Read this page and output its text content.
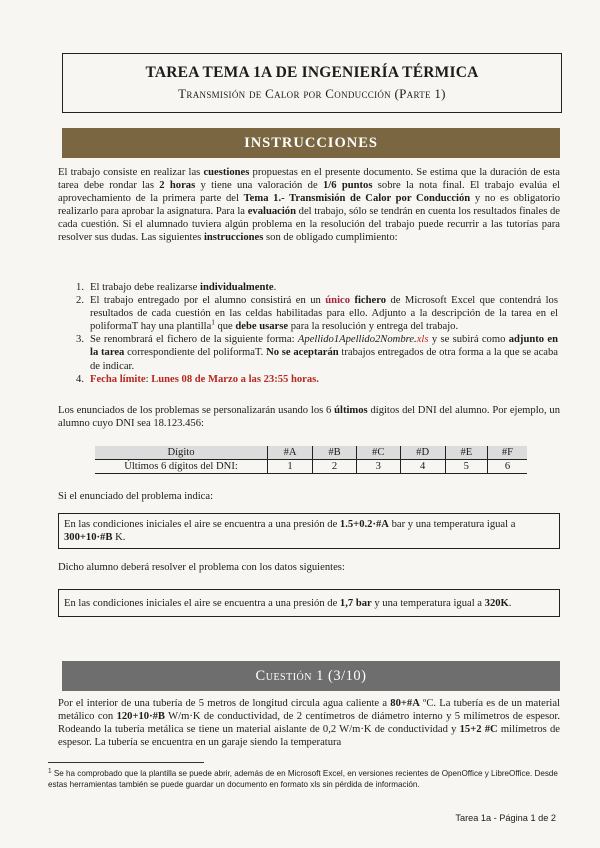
TAREA TEMA 1A DE INGENIERÍA TÉRMICA
Transmisión de Calor por Conducción (Parte 1)
INSTRUCCIONES
El trabajo consiste en realizar las cuestiones propuestas en el presente documento. Se estima que la duración de esta tarea debe rondar las 2 horas y tiene una valoración de 1/6 puntos sobre la nota final. El trabajo evalúa el aprovechamiento de la primera parte del Tema 1.- Transmisión de Calor por Conducción y no es obligatorio realizarlo para aprobar la asignatura. Para la evaluación del trabajo, sólo se tendrán en cuenta los resultados finales de cada cuestión. Si el alumnado tuviera algún problema en la resolución del trabajo puede recurrir a las tutorías para resolver sus dudas. Las siguientes instrucciones son de obligado cumplimiento:
1. El trabajo debe realizarse individualmente.
2. El trabajo entregado por el alumno consistirá en un único fichero de Microsoft Excel que contendrá los resultados de cada cuestión en las celdas habilitadas para ello. Adjunto a la descripción de la tarea en el poliformaT hay una plantilla$^1$ que debe usarse para la resolución y entrega del trabajo.
3. Se renombrará el fichero de la siguiente forma: Apellido1Apellido2Nombre.xls y se subirá como adjunto en la tarea correspondiente del poliformaT. No se aceptarán trabajos entregados de otra forma a la que se acaba de indicar.
4. Fecha límite: Lunes 08 de Marzo a las 23:55 horas.
Los enunciados de los problemas se personalizarán usando los 6 últimos dígitos del DNI del alumno. Por ejemplo, un alumno cuyo DNI sea 18.123.456:
Dígito	#A	#B	#C	#D	#E	#F
Últimos 6 dígitos del DNI:	1	2	3	4	5	6
Si el enunciado del problema indica:
En las condiciones iniciales el aire se encuentra a una presión de 1.5+0.2·#A bar y una temperatura igual a 300+10·#B K.
Dicho alumno deberá resolver el problema con los datos siguientes:
En las condiciones iniciales el aire se encuentra a una presión de 1,7 bar y una temperatura igual a 320K.
Cuestión 1 (3/10)
Por el interior de una tubería de 5 metros de longitud circula agua caliente a 80+#A ºC. La tubería es de un material metálico con 120+10·#B W/m·K de conductividad, de 2 centímetros de diámetro interno y 5 milímetros de espesor. Rodeando la tubería metálica se tiene un material aislante de 0,2 W/m·K de conductividad y 15+2 #C milímetros de espesor. La tubería se encuentra en un garaje siendo la temperatura
$^1$ Se ha comprobado que la plantilla se puede abrir, además de en Microsoft Excel, en versiones recientes de OpenOffice y LibreOffice. Desde estas herramientas también se puede guardar un documento en formato xls sin pérdida de información.
Tarea 1a - Página 1 de 2
